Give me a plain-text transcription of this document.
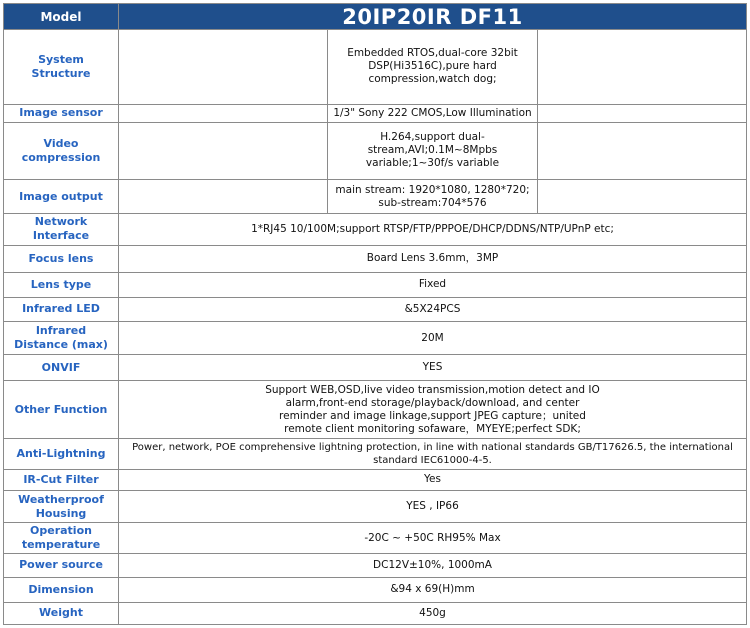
Model	20IP20IR DF11		
System Structure		Embedded RTOS,dual-core 32bit
DSP(Hi3516C),pure hard
compression,watch dog;	

Image sensor		1/3" Sony 222 CMOS,Low Illumination	

Video compression		H.264,support dual-
stream,AVI;0.1M~8Mpbs
variable;1~30f/s variable	

Image output		main stream: 1920*1080, 1280*720;
sub-stream:704*576	

Network Interface	1*RJ45 10/100M;support RTSP/FTP/PPPOE/DHCP/DDNS/NTP/UPnP etc;		
Focus lens	Board Lens 3.6mm，3MP		
Lens type	Fixed		
Infrared LED	&5X24PCS		
Infrared Distance (max)	20M		
ONVIF	YES		
Other Function	Support WEB,OSD,live video transmission,motion detect and IO
alarm,front-end storage/playback/download, and center
reminder and image linkage,support JPEG capture；united
remote client monitoring sofaware，MYEYE;perfect SDK;		

Anti-Lightning	Power, network, POE comprehensive lightning protection, in line with national standards GB/T17626.5, the international
standard IEC61000-4-5.		

IR-Cut Filter	Yes		
Weatherproof Housing	YES , IP66		
Operation temperature	-20C ~ +50C RH95% Max		
Power source	DC12V±10%, 1000mA		
Dimension	&94 x 69(H)mm		
Weight	450g		
